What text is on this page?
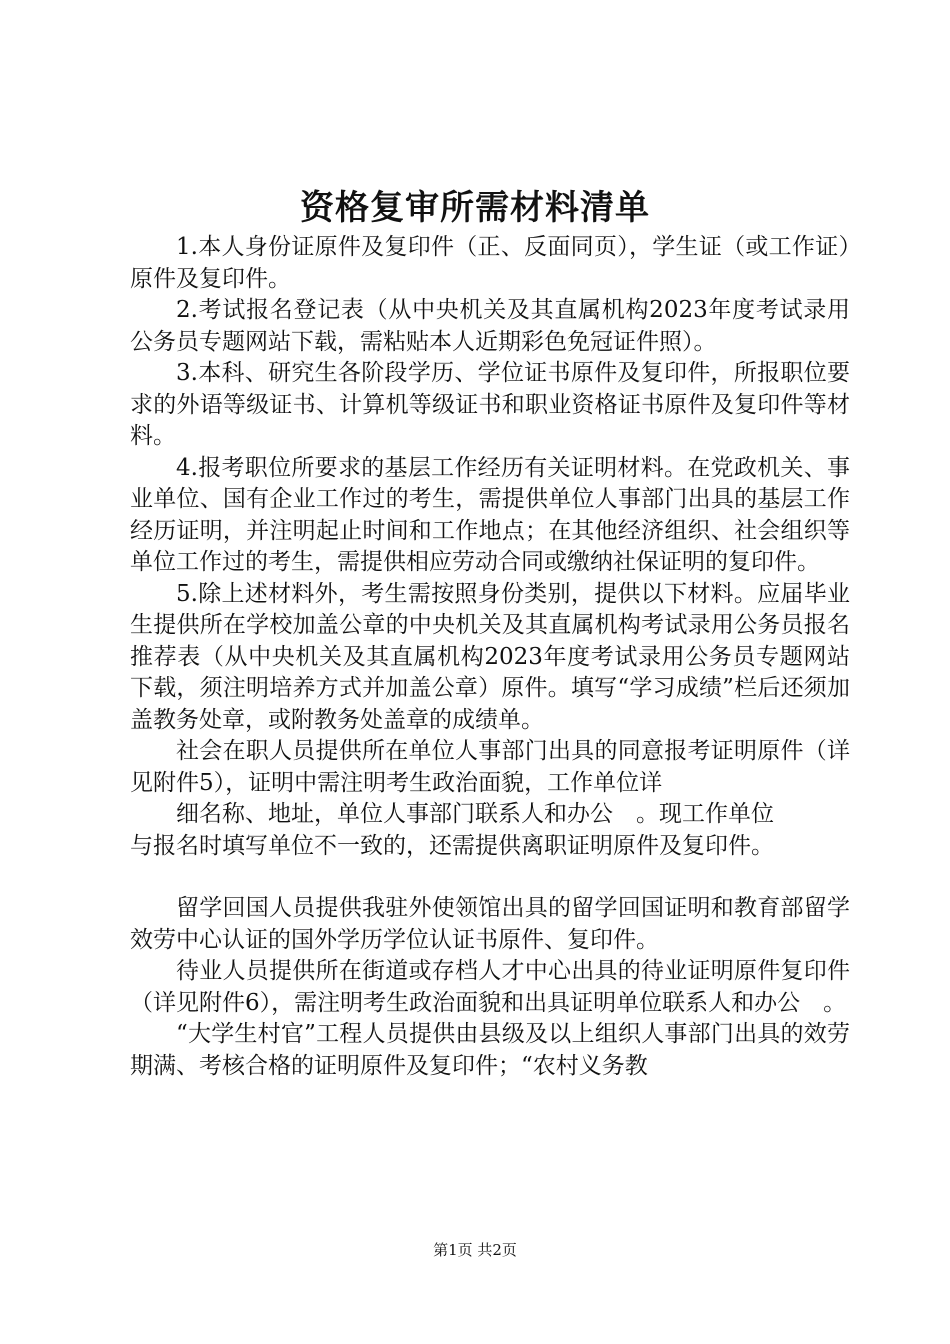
资格复审所需材料清单

1.本人身份证原件及复印件（正、反面同页），学生证（或工作证）原件及复印件。

2.考试报名登记表（从中央机关及其直属机构2023年度考试录用公务员专题网站下载，需粘贴本人近期彩色免冠证件照）。

3.本科、研究生各阶段学历、学位证书原件及复印件，所报职位要求的外语等级证书、计算机等级证书和职业资格证书原件及复印件等材料。

4.报考职位所要求的基层工作经历有关证明材料。在党政机关、事业单位、国有企业工作过的考生，需提供单位人事部门出具的基层工作经历证明，并注明起止时间和工作地点；在其他经济组织、社会组织等单位工作过的考生，需提供相应劳动合同或缴纳社保证明的复印件。

5.除上述材料外，考生需按照身份类别，提供以下材料。应届毕业生提供所在学校加盖公章的中央机关及其直属机构考试录用公务员报名推荐表（从中央机关及其直属机构2023年度考试录用公务员专题网站下载，须注明培养方式并加盖公章）原件。填写“学习成绩”栏后还须加盖教务处章，或附教务处盖章的成绩单。

社会在职人员提供所在单位人事部门出具的同意报考证明原件（详见附件5），证明中需注明考生政治面貌，工作单位详

细名称、地址，单位人事部门联系人和办公　。现工作单位

与报名时填写单位不一致的，还需提供离职证明原件及复印件。

留学回国人员提供我驻外使领馆出具的留学回国证明和教育部留学效劳中心认证的国外学历学位认证书原件、复印件。

待业人员提供所在街道或存档人才中心出具的待业证明原件复印件（详见附件6），需注明考生政治面貌和出具证明单位联系人和办公　。

“大学生村官”工程人员提供由县级及以上组织人事部门出具的效劳期满、考核合格的证明原件及复印件；“农村义务教

第1页 共2页
